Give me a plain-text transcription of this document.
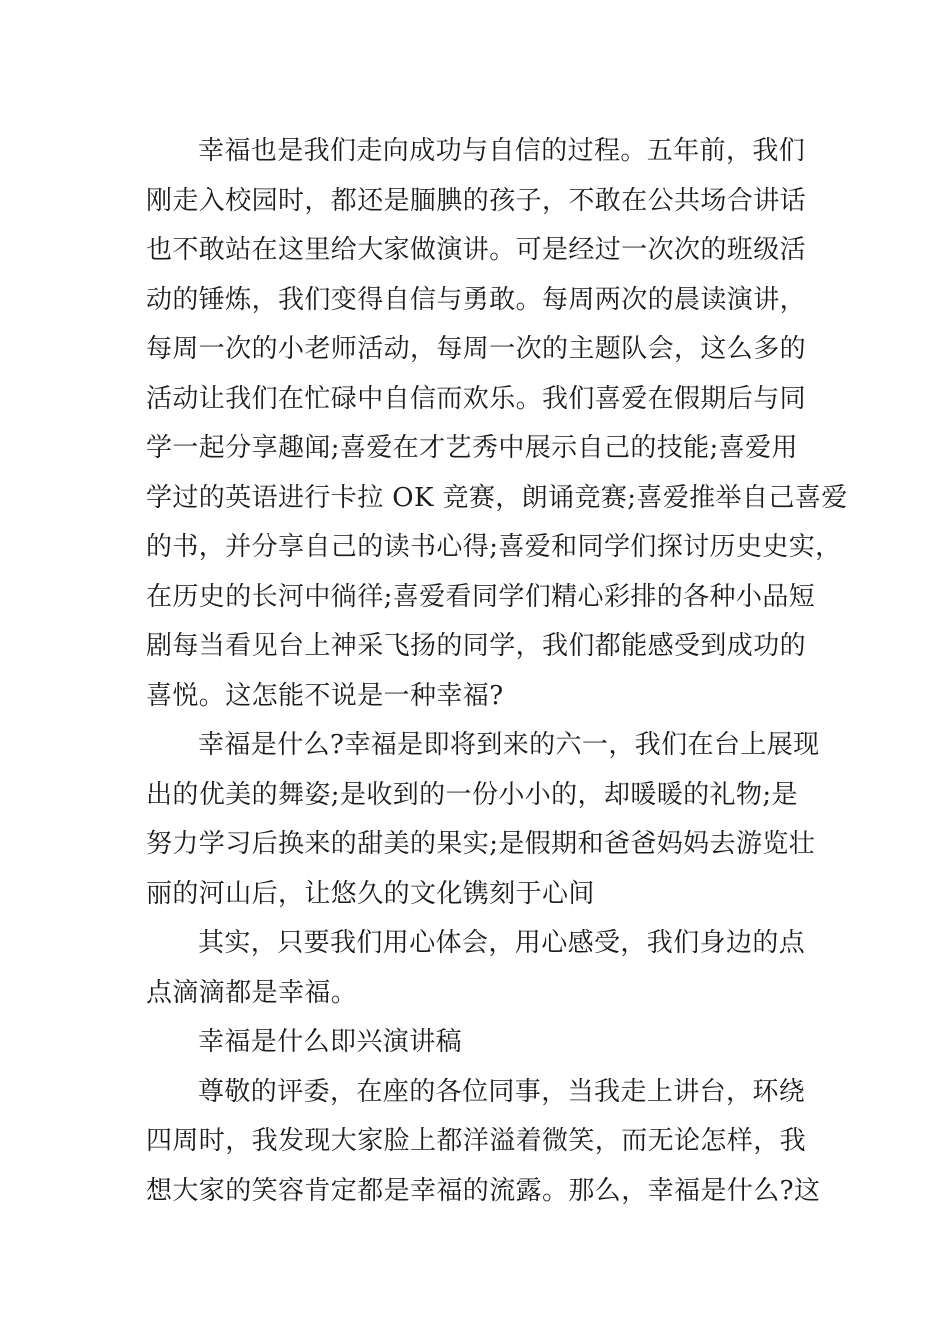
幸福也是我们走向成功与自信的过程。五年前，我们
刚走入校园时，都还是腼腆的孩子，不敢在公共场合讲话
也不敢站在这里给大家做演讲。可是经过一次次的班级活
动的锤炼，我们变得自信与勇敢。每周两次的晨读演讲，
每周一次的小老师活动，每周一次的主题队会，这么多的
活动让我们在忙碌中自信而欢乐。我们喜爱在假期后与同
学一起分享趣闻;喜爱在才艺秀中展示自己的技能;喜爱用
学过的英语进行卡拉 OK 竞赛，朗诵竞赛;喜爱推举自己喜爱
的书，并分享自己的读书心得;喜爱和同学们探讨历史史实，
在历史的长河中徜徉;喜爱看同学们精心彩排的各种小品短
剧每当看见台上神采飞扬的同学，我们都能感受到成功的
喜悦。这怎能不说是一种幸福?
幸福是什么?幸福是即将到来的六一，我们在台上展现
出的优美的舞姿;是收到的一份小小的，却暖暖的礼物;是
努力学习后换来的甜美的果实;是假期和爸爸妈妈去游览壮
丽的河山后，让悠久的文化镌刻于心间
其实，只要我们用心体会，用心感受，我们身边的点
点滴滴都是幸福。
幸福是什么即兴演讲稿
尊敬的评委，在座的各位同事，当我走上讲台，环绕
四周时，我发现大家脸上都洋溢着微笑，而无论怎样，我
想大家的笑容肯定都是幸福的流露。那么，幸福是什么?这
